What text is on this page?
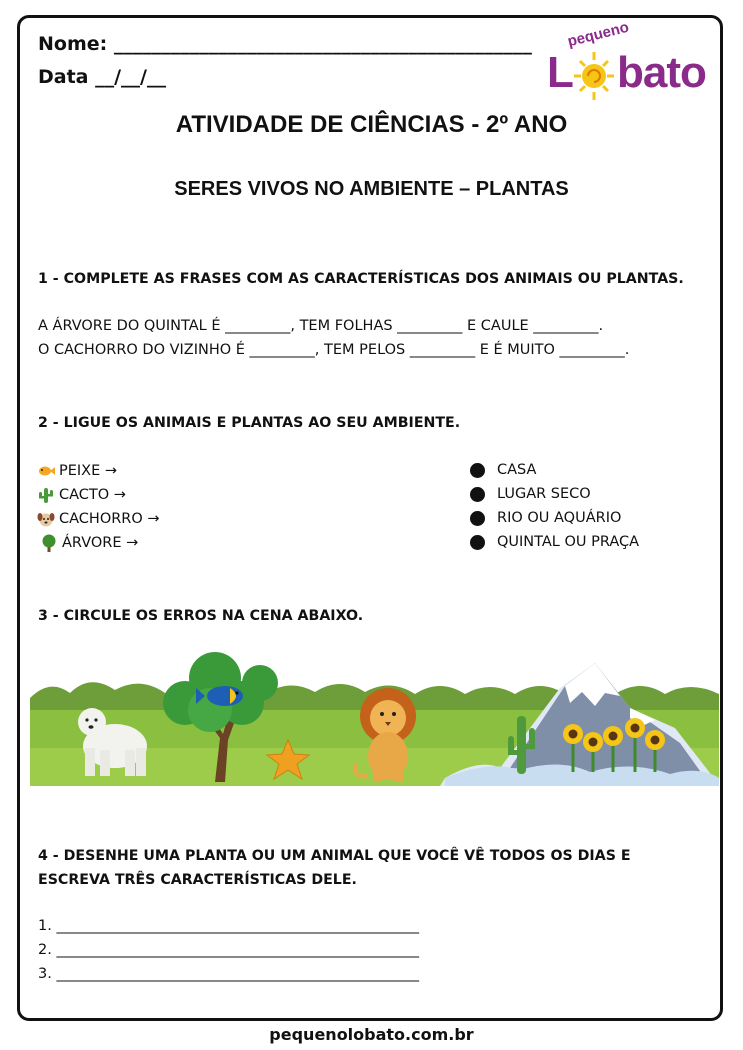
Nome: ____________________________________________
Data __/__/__
pequeno
L bato
ATIVIDADE DE CIÊNCIAS - 2º ANO
SERES VIVOS NO AMBIENTE – PLANTAS
1 - COMPLETE AS FRASES COM AS CARACTERÍSTICAS DOS ANIMAIS OU PLANTAS.
A ÁRVORE DO QUINTAL É _________, TEM FOLHAS _________ E CAULE _________.
O CACHORRO DO VIZINHO É _________, TEM PELOS _________ E É MUITO _________.
2 - LIGUE OS ANIMAIS E PLANTAS AO SEU AMBIENTE.
PEIXE →
CACTO →
CACHORRO →
ÁRVORE →
CASA
LUGAR SECO
RIO OU AQUÁRIO
QUINTAL OU PRAÇA
3 - CIRCULE OS ERROS NA CENA ABAIXO.
4 - DESENHE UMA PLANTA OU UM ANIMAL QUE VOCÊ VÊ TODOS OS DIAS E
ESCREVA TRÊS CARACTERÍSTICAS DELE.
1. __________________________________________________
2. __________________________________________________
3. __________________________________________________
pequenolobato.com.br
